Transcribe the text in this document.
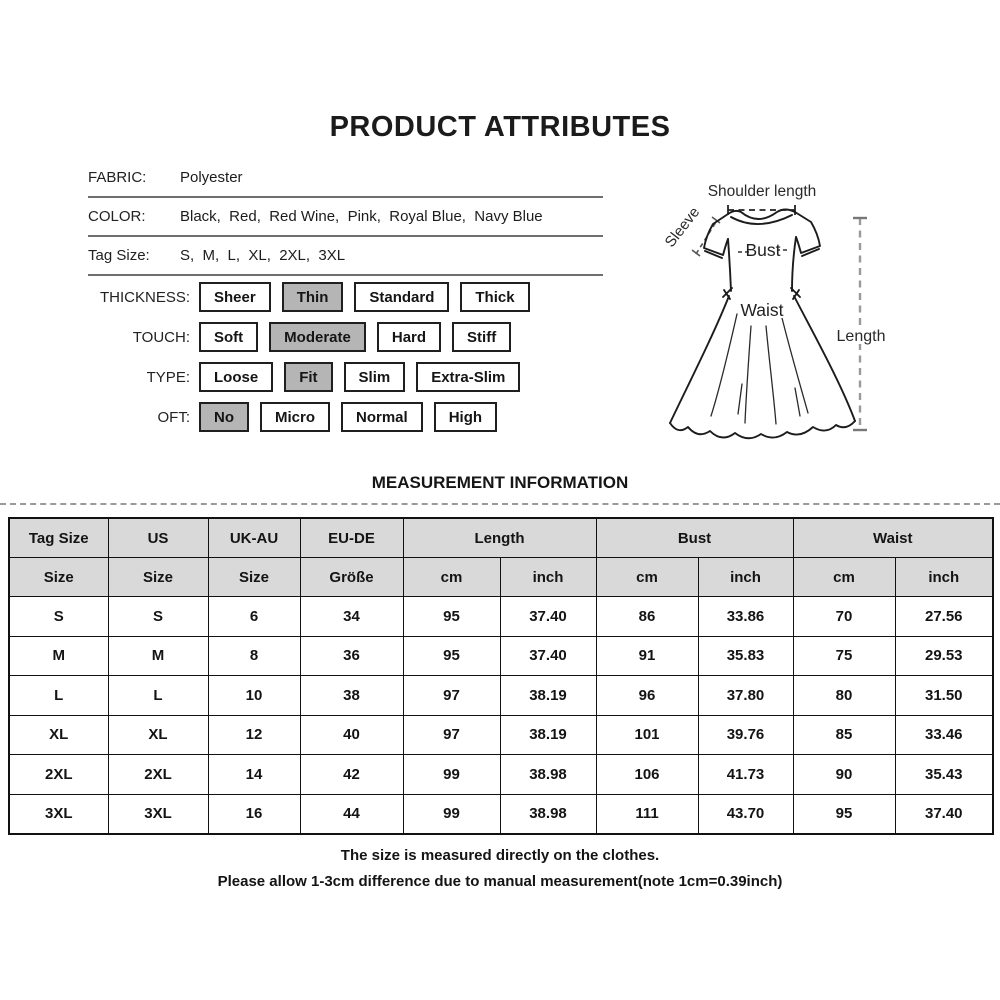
PRODUCT ATTRIBUTES
FABRIC:	Polyester
COLOR:	Black,  Red,  Red Wine,  Pink,  Royal Blue,  Navy Blue
Tag Size:	S,  M,  L,  XL,  2XL,  3XL
THICKNESS:	Sheer	Thin	Standard	Thick
TOUCH:	Soft	Moderate	Hard	Stiff
TYPE:	Loose	Fit	Slim	Extra-Slim
OFT:	No	Micro	Normal	High
Shoulder length
Sleeve Bust
Waist
Length
MEASUREMENT INFORMATION
Tag Size	US	UK-AU	EU-DE	Length		Bust		Waist	
Size	Size	Size	Größe	cm	inch	cm	inch	cm	inch
S	S	6	34	95	37.40	86	33.86	70	27.56
M	M	8	36	95	37.40	91	35.83	75	29.53
L	L	10	38	97	38.19	96	37.80	80	31.50
XL	XL	12	40	97	38.19	101	39.76	85	33.46
2XL	2XL	14	42	99	38.98	106	41.73	90	35.43
3XL	3XL	16	44	99	38.98	111	43.70	95	37.40

The size is measured directly on the clothes.

Please allow 1-3cm difference due to manual measurement(note 1cm=0.39inch)
